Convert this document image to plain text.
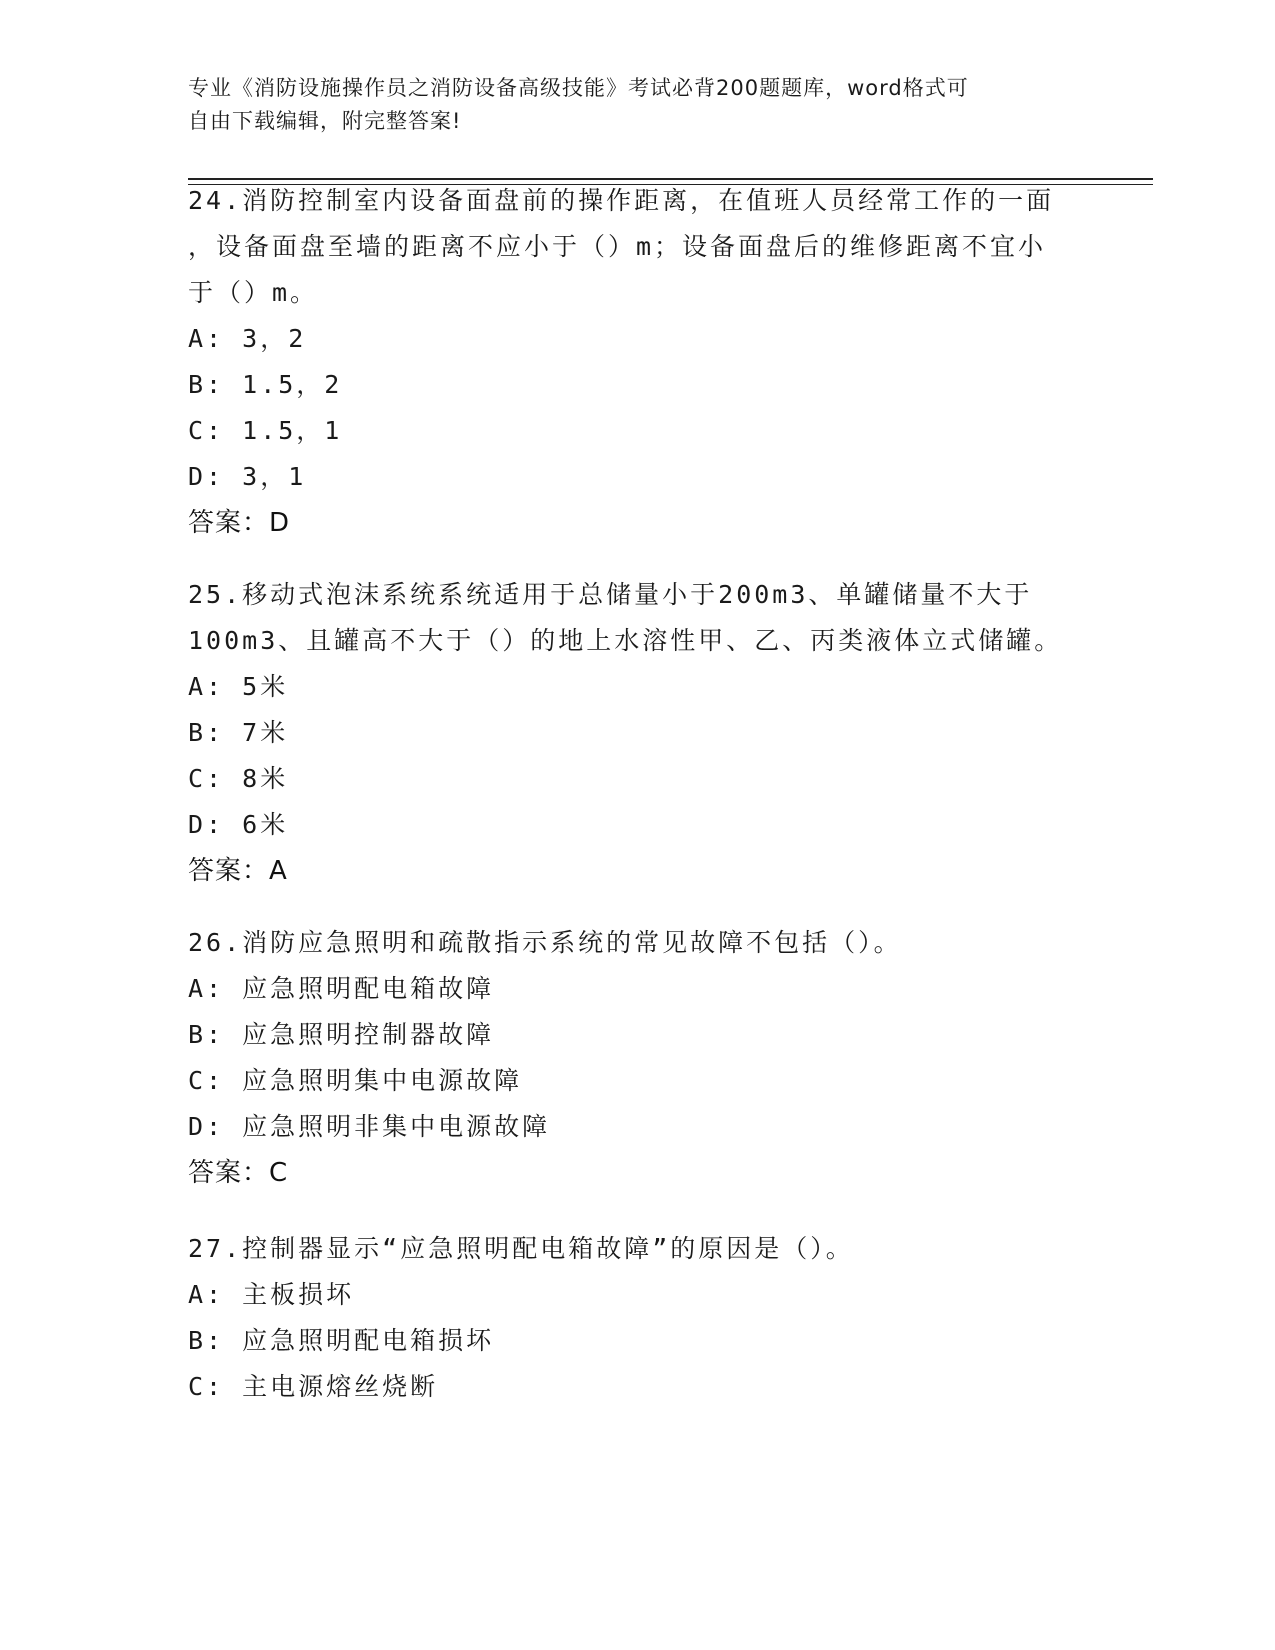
专业《消防设施操作员之消防设备高级技能》考试必背200题题库，word格式可
自由下载编辑，附完整答案!

24.消防控制室内设备面盘前的操作距离，在值班人员经常工作的一面

，设备面盘至墙的距离不应小于（）m；设备面盘后的维修距离不宜小

于（）m。

A: 3，2

B: 1.5，2

C: 1.5，1

D: 3，1

答案：D

25.移动式泡沫系统系统适用于总储量小于200m3、单罐储量不大于

100m3、且罐高不大于（）的地上水溶性甲、乙、丙类液体立式储罐。

A: 5米

B: 7米

C: 8米

D: 6米

答案：A

26.消防应急照明和疏散指示系统的常见故障不包括（）。

A: 应急照明配电箱故障

B: 应急照明控制器故障

C: 应急照明集中电源故障

D: 应急照明非集中电源故障

答案：C

27.控制器显示“应急照明配电箱故障”的原因是（）。

A: 主板损坏

B: 应急照明配电箱损坏

C: 主电源熔丝烧断
